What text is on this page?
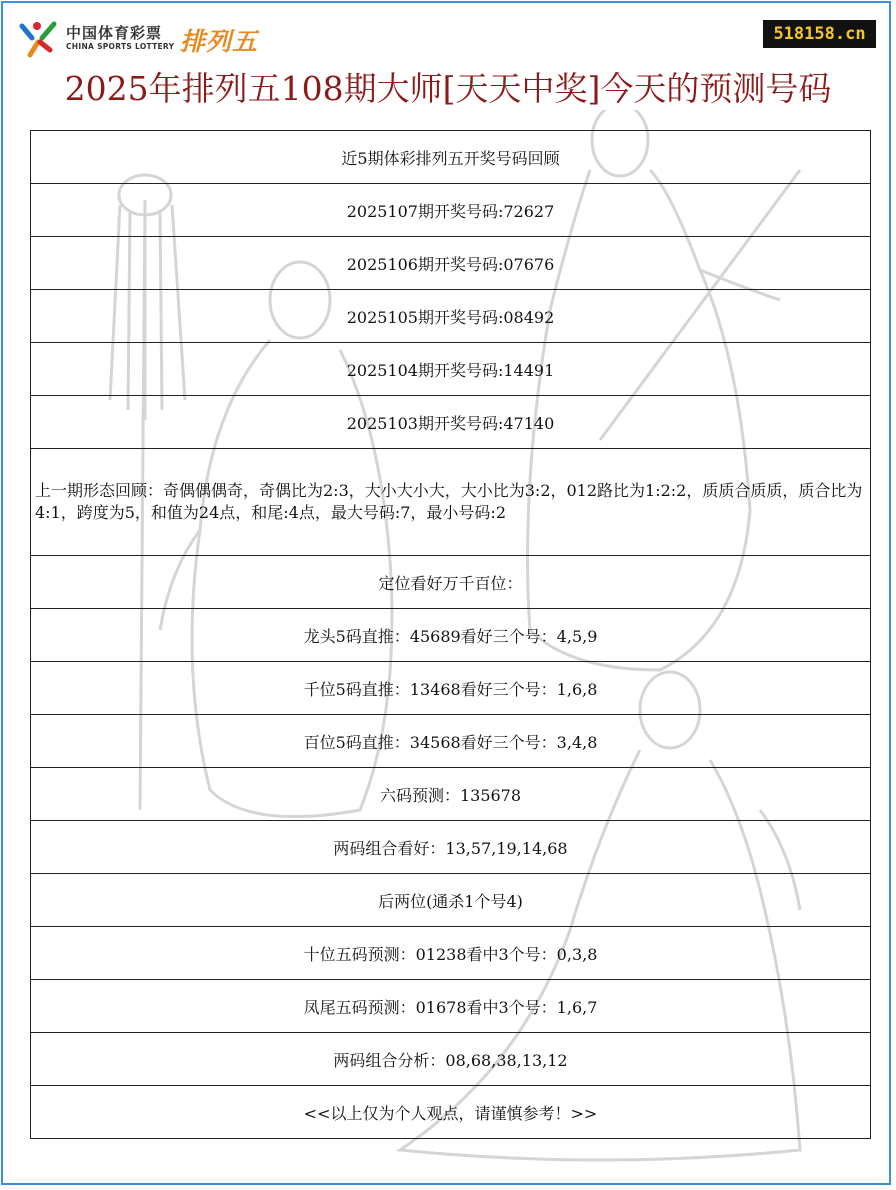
中国体育彩票
CHINA SPORTS LOTTERY 排列五	518158.cn
2025年排列五108期大师[天天中奖]今天的预测号码
近5期体彩排列五开奖号码回顾
2025107期开奖号码:72627
2025106期开奖号码:07676
2025105期开奖号码:08492
2025104期开奖号码:14491
2025103期开奖号码:47140
上一期形态回顾：奇偶偶偶奇，奇偶比为2:3，大小大小大，大小比为3:2，012路比为1:2:2，质质合质质，质合比为4:1，跨度为5，和值为24点，和尾:4点，最大号码:7，最小号码:2
定位看好万千百位：
龙头5码直推：45689看好三个号：4,5,9
千位5码直推：13468看好三个号：1,6,8
百位5码直推：34568看好三个号：3,4,8
六码预测：135678
两码组合看好：13,57,19,14,68
后两位(通杀1个号4)
十位五码预测：01238看中3个号：0,3,8
凤尾五码预测：01678看中3个号：1,6,7
两码组合分析：08,68,38,13,12
<<以上仅为个人观点，请谨慎参考！>>
